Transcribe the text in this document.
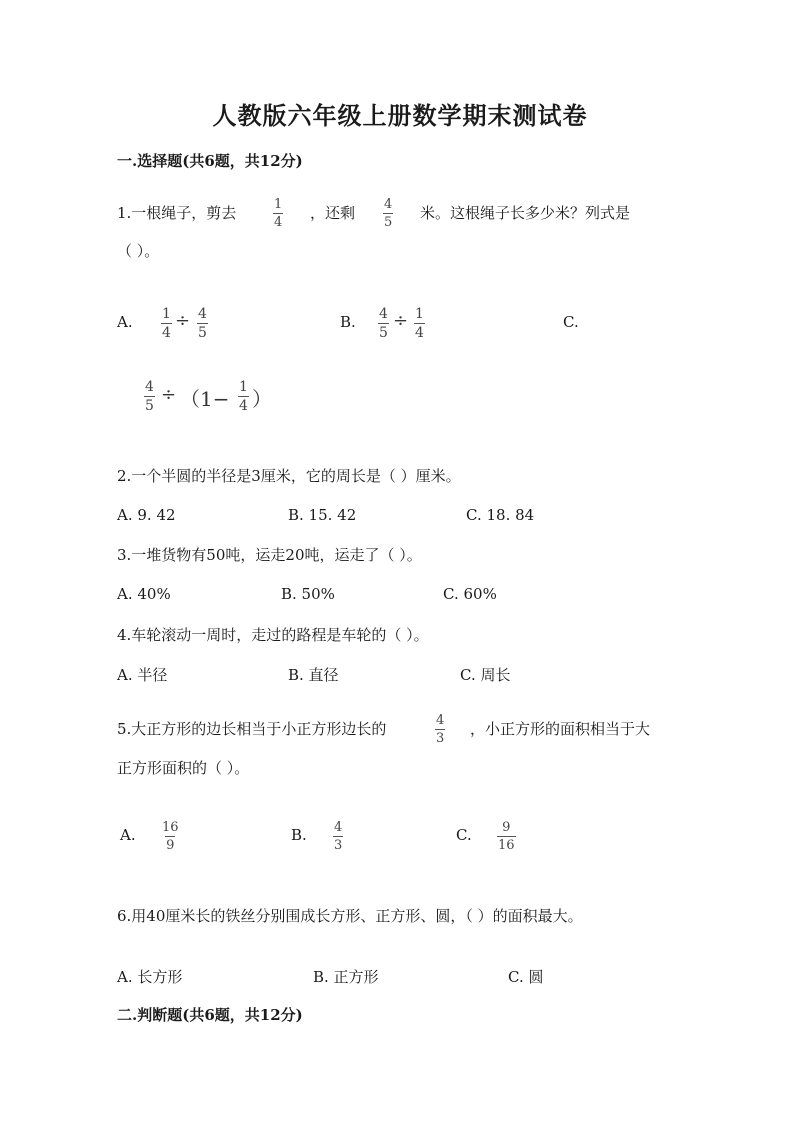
人教版六年级上册数学期末测试卷
一.选择题(共6题，共12分)
1.一根绳子，剪去	$\frac{1}{4}$ ，还剩 $\frac{4}{5}$ 米。这根绳子长多少米？列式是
（ ）。
A. $\frac{1}{4} \div \frac{4}{5}$	B. $\frac{4}{5} \div \frac{1}{4}$	C.
$\frac{4}{5} \div (1- \frac{1}{4}$ ）
2.一个半圆的半径是3厘米，它的周长是（ ）厘米。
A. 9. 42	B. 15. 42	C. 18. 84
3.一堆货物有50吨，运走20吨，运走了（ ）。
A. 40%	B. 50%	C. 60%
4.车轮滚动一周时，走过的路程是车轮的（ ）。
A. 半径	B. 直径	C. 周长
5.大正方形的边长相当于小正方形边长的	$\frac{4}{3}$ ，小正方形的面积相当于大
正方形面积的（ ）。
A. $\frac{16}{9}$	B. $\frac{4}{3}$	C. $\frac{9}{16}$
6.用40厘米长的铁丝分别围成长方形、正方形、圆，（ ）的面积最大。
A. 长方形	B. 正方形	C. 圆
二.判断题(共6题，共12分)
